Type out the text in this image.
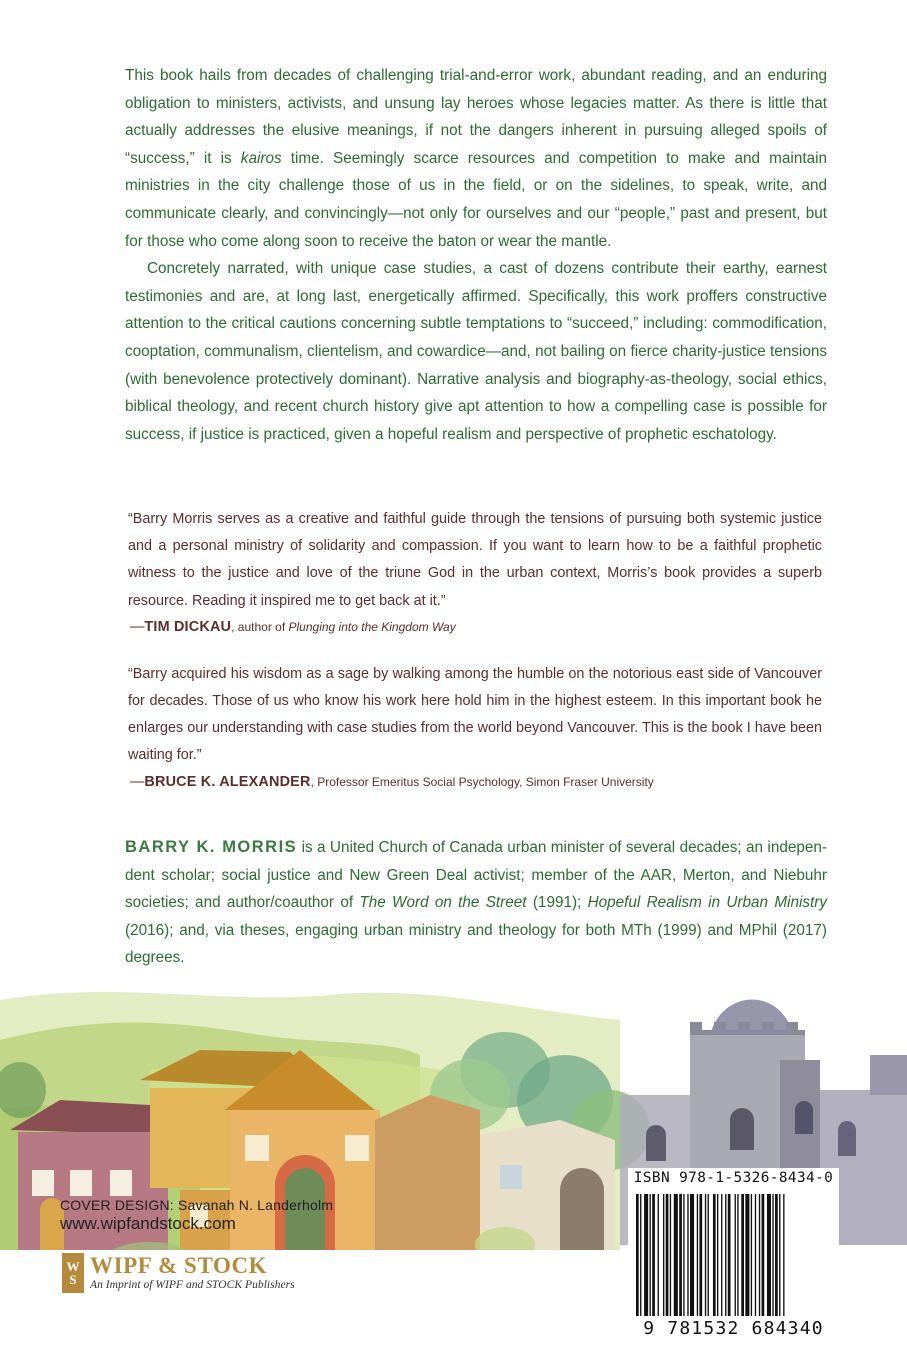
This book hails from decades of challenging trial-and-error work, abundant reading, and an enduring obligation to ministers, activists, and unsung lay heroes whose legacies matter. As there is little that actually addresses the elusive meanings, if not the dangers inherent in pursuing alleged spoils of “success,” it is kairos time. Seemingly scarce resources and competition to make and maintain ministries in the city challenge those of us in the field, or on the sidelines, to speak, write, and communicate clearly, and convincingly—not only for ourselves and our “people,” past and present, but for those who come along soon to receive the baton or wear the mantle.

Concretely narrated, with unique case studies, a cast of dozens contribute their earthy, earnest testimonies and are, at long last, energetically affirmed. Specifically, this work proffers constructive attention to the critical cautions concerning subtle temptations to “succeed,” including: commodification, cooptation, communalism, clientelism, and cowardice—and, not bailing on fierce charity-justice tensions (with benevolence protectively dominant). Narrative analysis and biography-as-theology, social ethics, biblical theology, and recent church history give apt attention to how a compelling case is possible for success, if justice is practiced, given a hopeful realism and perspective of prophetic eschatology.

“Barry Morris serves as a creative and faithful guide through the tensions of pursuing both systemic justice and a personal ministry of solidarity and compassion. If you want to learn how to be a faithful prophetic witness to the justice and love of the triune God in the urban context, Morris’s book provides a superb resource. Reading it inspired me to get back at it.”

—TIM DICKAU, author of Plunging into the Kingdom Way

“Barry acquired his wisdom as a sage by walking among the humble on the notorious east side of Vancouver for decades. Those of us who know his work here hold him in the highest esteem. In this important book he enlarges our understanding with case studies from the world beyond Vancouver. This is the book I have been waiting for.”

—BRUCE K. ALEXANDER, Professor Emeritus Social Psychology, Simon Fraser University

BARRY K. MORRIS is a United Church of Canada urban minister of several decades; an independent scholar; social justice and New Green Deal activist; member of the AAR, Merton, and Niebuhr societies; and author/coauthor of The Word on the Street (1991); Hopeful Realism in Urban Ministry (2016); and, via theses, engaging urban ministry and theology for both MTh (1999) and MPhil (2017) degrees.

COVER DESIGN: Savanah N. Landerholm
www.wipfandstock.com
W
S
WIPF & STOCK
An Imprint of WIPF and STOCK Publishers
ISBN 978-1-5326-8434-0
9 781532 684340
